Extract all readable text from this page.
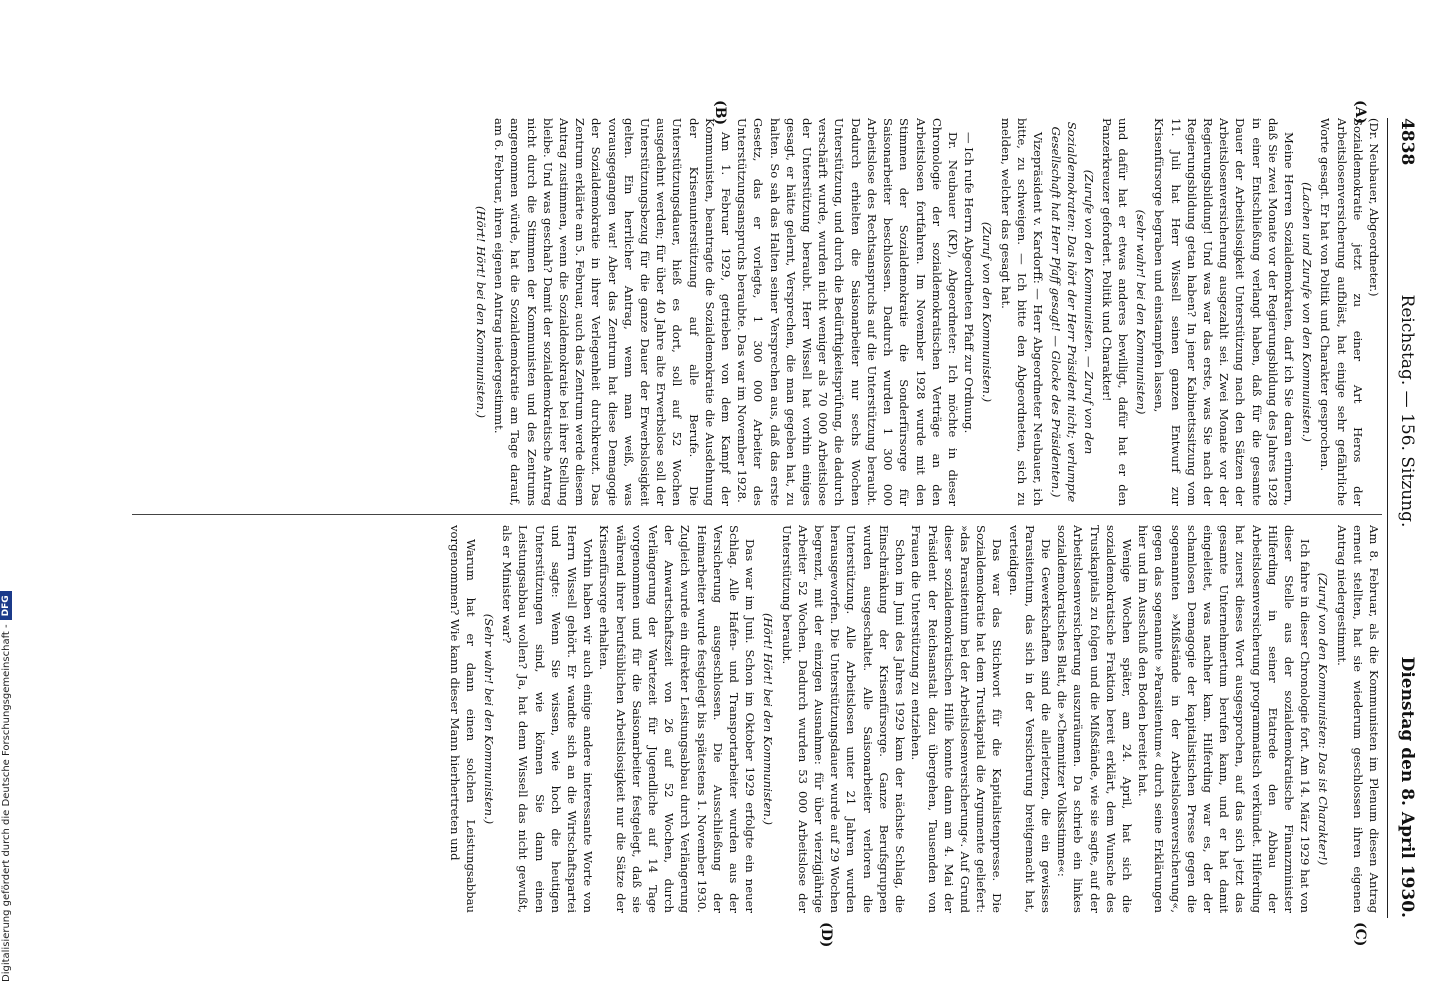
4838
Reichstag. — 156. Sitzung.
Dienstag den 8. April 1930.
(A)
(B)
(C)
(D)

(Dr. Neubauer, Abgeordneter.)

Sozialdemokratie jetzt zu einer Art Heros der Arbeitslosenversicherung aufbläst, hat einige sehr gefährliche Worte gesagt. Er hat von Politik und Charakter gesprochen.

(Lachen und Zurufe von den Kommunisten.)

Meine Herren Sozialdemokraten, darf ich Sie daran erinnern, daß Sie zwei Monate vor der Regierungsbildung des Jahres 1928 in einer Entschließung verlangt haben, daß für die gesamte Dauer der Arbeitslosigkeit Unterstützung nach den Sätzen der Arbeitslosenversicherung ausgezahlt sei. Zwei Monate vor der Regierungsbildung! Und was war das erste, was Sie nach der Regierungsbildung getan haben? In jener Kabinettssitzung vom 11. Juli hat Herr Wissell seinen ganzen Entwurf zur Krisenfürsorge begraben und einstampfen lassen,

(sehr wahr! bei den Kommunisten)

und dafür hat er etwas anderes bewilligt, dafür hat er den Panzerkreuzer gefordert. Politik und Charakter!

(Zurufe von den Kommunisten. — Zuruf von den Sozialdemokraten: Das hört der Herr Präsident nicht; verlumpte Gesellschaft hat Herr Pfaff gesagt! — Glocke des Präsidenten.)

Vizepräsident v. Kardorff: — Herr Abgeordneter Neubauer, ich bitte, zu schweigen. — Ich bitte den Abgeordneten, sich zu melden, welcher das gesagt hat.

(Zuruf von den Kommunisten.)

— Ich rufe Herrn Abgeordneten Pfaff zur Ordnung.

Dr. Neubauer (KP), Abgeordneter: Ich möchte in dieser Chronologie der sozialdemokratischen Verträge an den Arbeitslosen fortfahren. Im November 1928 wurde mit den Stimmen der Sozialdemokratie die Sonderfürsorge für Saisonarbeiter beschlossen. Dadurch wurden 1 300 000 Arbeitslose des Rechtsanspruchs auf die Unterstützung beraubt. Dadurch erhielten die Saisonarbeiter nur sechs Wochen Unterstützung, und durch die Bedürftigkeitsprüfung, die dadurch verschärft wurde, wurden nicht weniger als 70 000 Arbeitslose der Unterstützung beraubt. Herr Wissell hat vorhin einiges gesagt, er hätte gelernt, Versprechen, die man gegeben hat, zu halten. So sah das Halten seiner Versprechen aus, daß das erste Gesetz, das er vorlegte, 1 300 000 Arbeiter des Unterstützungsanspruchs beraubte. Das war im November 1928.

Am 1. Februar 1929, getrieben von dem Kampf der Kommunisten, beantragte die Sozialdemokratie die Ausdehnung der Krisenunterstützung auf alle Berufe. Die Unterstützungsdauer, hieß es dort, soll auf 52 Wochen ausgedehnt werden; für über 40 Jahre alte Erwerbslose soll der Unterstützungsbezug für die ganze Dauer der Erwerbslosigkeit gelten. Ein herrlicher Antrag, wenn man weiß, was vorausgegangen war! Aber das Zentrum hat diese Demagogie der Sozialdemokratie in ihrer Verlegenheit durchkreuzt. Das Zentrum erklärte am 5. Februar, auch das Zentrum werde diesem Antrag zustimmen, wenn die Sozialdemokratie bei ihrer Stellung bleibe. Und was geschah? Damit der sozialdemokratische Antrag nicht durch die Stimmen der Kommunisten und des Zentrums angenommen würde, hat die Sozialdemokratie am Tage darauf, am 6. Februar, ihren eigenen Antrag niedergestimmt.

(Hört! Hört! bei den Kommunisten.)

Am 8. Februar, als die Kommunisten im Plenum diesen Antrag erneut stellten, hat sie wiederum geschlossen ihren eigenen Antrag niedergestimmt.

(Zuruf von den Kommunisten: Das ist Charakter!)

Ich fahre in dieser Chronologie fort. Am 14. März 1929 hat von dieser Stelle aus der sozialdemokratische Finanzminister Hilferding in seiner Etatrede den Abbau der Arbeitslosenversicherung programmatisch verkündet. Hilferding hat zuerst dieses Wort ausgesprochen, auf das sich jetzt das gesamte Unternehmertum berufen kann, und er hat damit eingeleitet, was nachher kam. Hilferding war es, der der schamlosen Demagogie der kapitalistischen Presse gegen die sogenannten »Mißstände in der Arbeitslosenversicherung«, gegen das sogenannte »Parasitentum« durch seine Erklärungen hier und im Ausschuß den Boden bereitet hat.

Wenige Wochen später, am 24. April, hat sich die sozialdemokratische Fraktion bereit erklärt, dem Wunsche des Trustkapitals zu folgen und die Mißstände, wie sie sagte, auf der Arbeitslosenversicherung auszuräumen. Da schrieb ein linkes sozialdemokratisches Blatt, die »Chemnitzer Volksstimme«:

Die Gewerkschaften sind die allerletzten, die ein gewisses Parasitentum, das sich in der Versicherung breitgemacht hat, verteidigen.

Das war das Stichwort für die Kapitalistenpresse. Die Sozialdemokratie hat dem Trustkapital die Argumente geliefert: »das Parasitentum bei der Arbeitslosenversicherung«. Auf Grund dieser sozialdemokratischen Hilfe konnte dann am 4. Mai der Präsident der Reichsanstalt dazu übergehen, Tausenden von Frauen die Unterstützung zu entziehen.

Schon im Juni des Jahres 1929 kam der nächste Schlag, die Einschränkung der Krisenfürsorge. Ganze Berufsgruppen wurden ausgeschaltet. Alle Saisonarbeiter verloren die Unterstützung. Alle Arbeitslosen unter 21 Jahren wurden herausgeworfen. Die Unterstützungsdauer wurde auf 29 Wochen begrenzt, mit der einzigen Ausnahme: für über vierzigjährige Arbeiter 52 Wochen. Dadurch wurden 53 000 Arbeitslose der Unterstützung beraubt.

(Hört! Hört! bei den Kommunisten.)

Das war im Juni. Schon im Oktober 1929 erfolgte ein neuer Schlag. Alle Hafen- und Transportarbeiter wurden aus der Versicherung ausgeschlossen. Die Ausschließung der Heimarbeiter wurde festgelegt bis spätestens 1. November 1930. Zugleich wurde ein direkter Leistungsabbau durch Verlängerung der Anwartschaftszeit von 26 auf 52 Wochen, durch Verlängerung der Wartezeit für Jugendliche auf 14 Tage vorgenommen und für die Saisonarbeiter festgelegt, daß sie während ihrer berufsüblichen Arbeitslosigkeit nur die Sätze der Krisenfürsorge erhalten.

Vorhin haben wir auch einige andere interessante Worte von Herrn Wissell gehört. Er wandte sich an die Wirtschaftspartei und sagte: Wenn Sie wissen, wie hoch die heutigen Unterstützungen sind, wie können Sie dann einen Leistungsabbau wollen? Ja, hat denn Wissell das nicht gewußt, als er Minister war?

(Sehr wahr! bei den Kommunisten.)

Warum hat er dann einen solchen Leistungsabbau vorgenommen? Wie kann dieser Mann hierhertreten und

Digitalisierung gefördert durch die Deutsche Forschungsgemeinschaft -
DFG
